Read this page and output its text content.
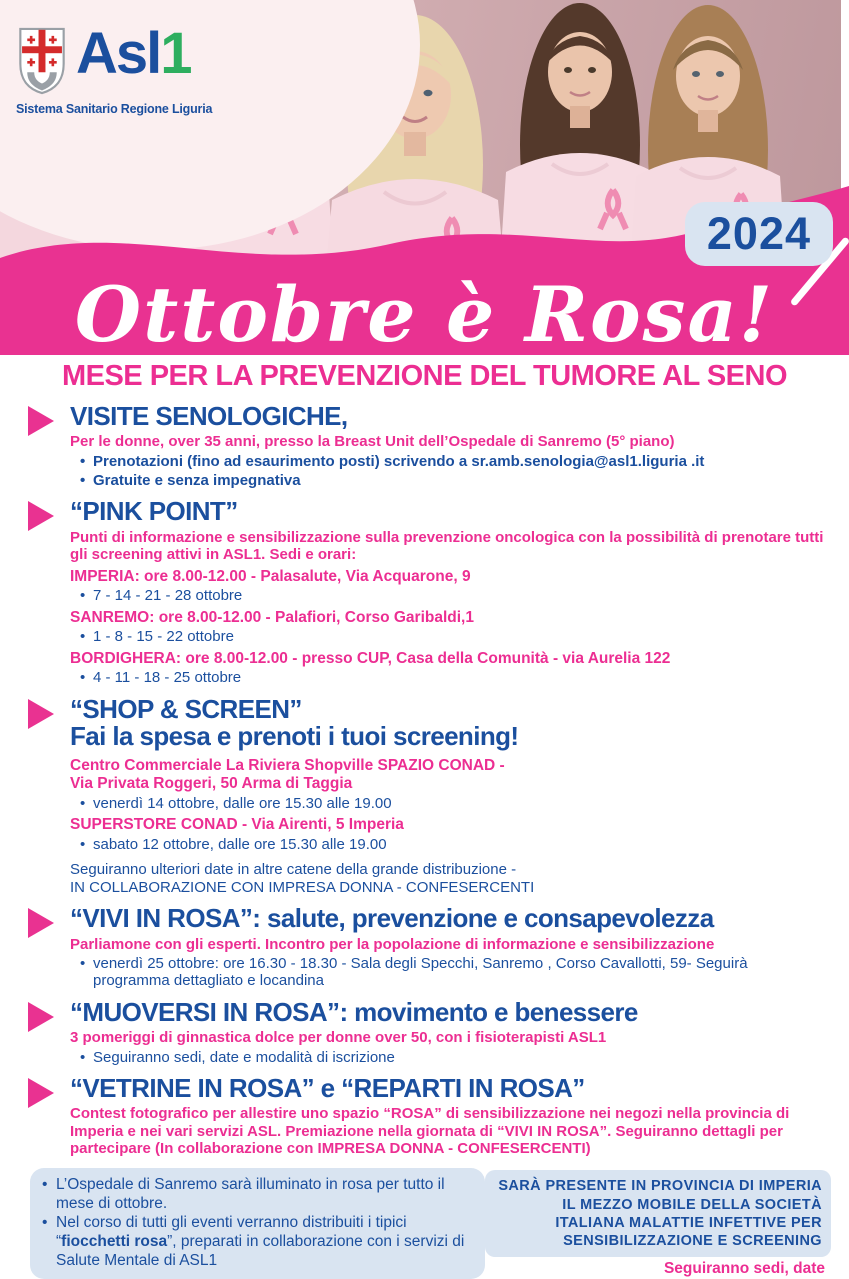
Asl1
Sistema Sanitario Regione Liguria
Ottobre è Rosa!
2024
MESE PER LA PREVENZIONE DEL TUMORE AL SENO
VISITE SENOLOGICHE,
Per le donne, over 35 anni, presso la Breast Unit dell’Ospedale di Sanremo (5° piano)
• Prenotazioni (fino ad esaurimento posti) scrivendo a sr.amb.senologia@asl1.liguria .it
• Gratuite e senza impegnativa
“PINK POINT”
Punti di informazione e sensibilizzazione sulla prevenzione oncologica con la possibilità di prenotare tutti gli screening attivi in ASL1. Sedi e orari:
IMPERIA: ore 8.00-12.00 - Palasalute, Via Acquarone, 9
• 7 - 14 - 21 - 28 ottobre
SANREMO: ore 8.00-12.00 - Palafiori, Corso Garibaldi,1
• 1 - 8 - 15 - 22 ottobre
BORDIGHERA: ore 8.00-12.00 - presso CUP, Casa della Comunità - via Aurelia 122
• 4 - 11 - 18 - 25 ottobre
“SHOP & SCREEN”
Fai la spesa e prenoti i tuoi screening!
Centro Commerciale La Riviera Shopville SPAZIO CONAD -
Via Privata Roggeri, 50 Arma di Taggia
• venerdì 14 ottobre, dalle ore 15.30 alle 19.00
SUPERSTORE CONAD - Via Airenti, 5 Imperia
• sabato 12 ottobre, dalle ore 15.30 alle 19.00
Seguiranno ulteriori date in altre catene della grande distribuzione -
IN COLLABORAZIONE CON IMPRESA DONNA - CONFESERCENTI
“VIVI IN ROSA”: salute, prevenzione e consapevolezza
Parliamone con gli esperti. Incontro per la popolazione di informazione e sensibilizzazione
• venerdì 25 ottobre: ore 16.30 - 18.30 - Sala degli Specchi, Sanremo , Corso Cavallotti, 59- Seguirà programma dettagliato e locandina
“MUOVERSI IN ROSA”: movimento e benessere
3 pomeriggi di ginnastica dolce per donne over 50, con i fisioterapisti ASL1
• Seguiranno sedi, date e modalità di iscrizione
“VETRINE IN ROSA” e “REPARTI IN ROSA”
Contest fotografico per allestire uno spazio “ROSA” di sensibilizzazione nei negozi nella provincia di Imperia e nei vari servizi ASL. Premiazione nella giornata di “VIVI IN ROSA”. Seguiranno dettagli per partecipare (In collaborazione con IMPRESA DONNA - CONFESERCENTI)
• L’Ospedale di Sanremo sarà illuminato in rosa per tutto il mese di ottobre.
• Nel corso di tutti gli eventi verranno distribuiti i tipici “fiocchetti rosa”, preparati in collaborazione con i servizi di Salute Mentale di ASL1
SARÀ PRESENTE IN PROVINCIA DI IMPERIA IL MEZZO MOBILE DELLA SOCIETÀ ITALIANA MALATTIE INFETTIVE PER SENSIBILIZZAZIONE E SCREENING
Seguiranno sedi, date
